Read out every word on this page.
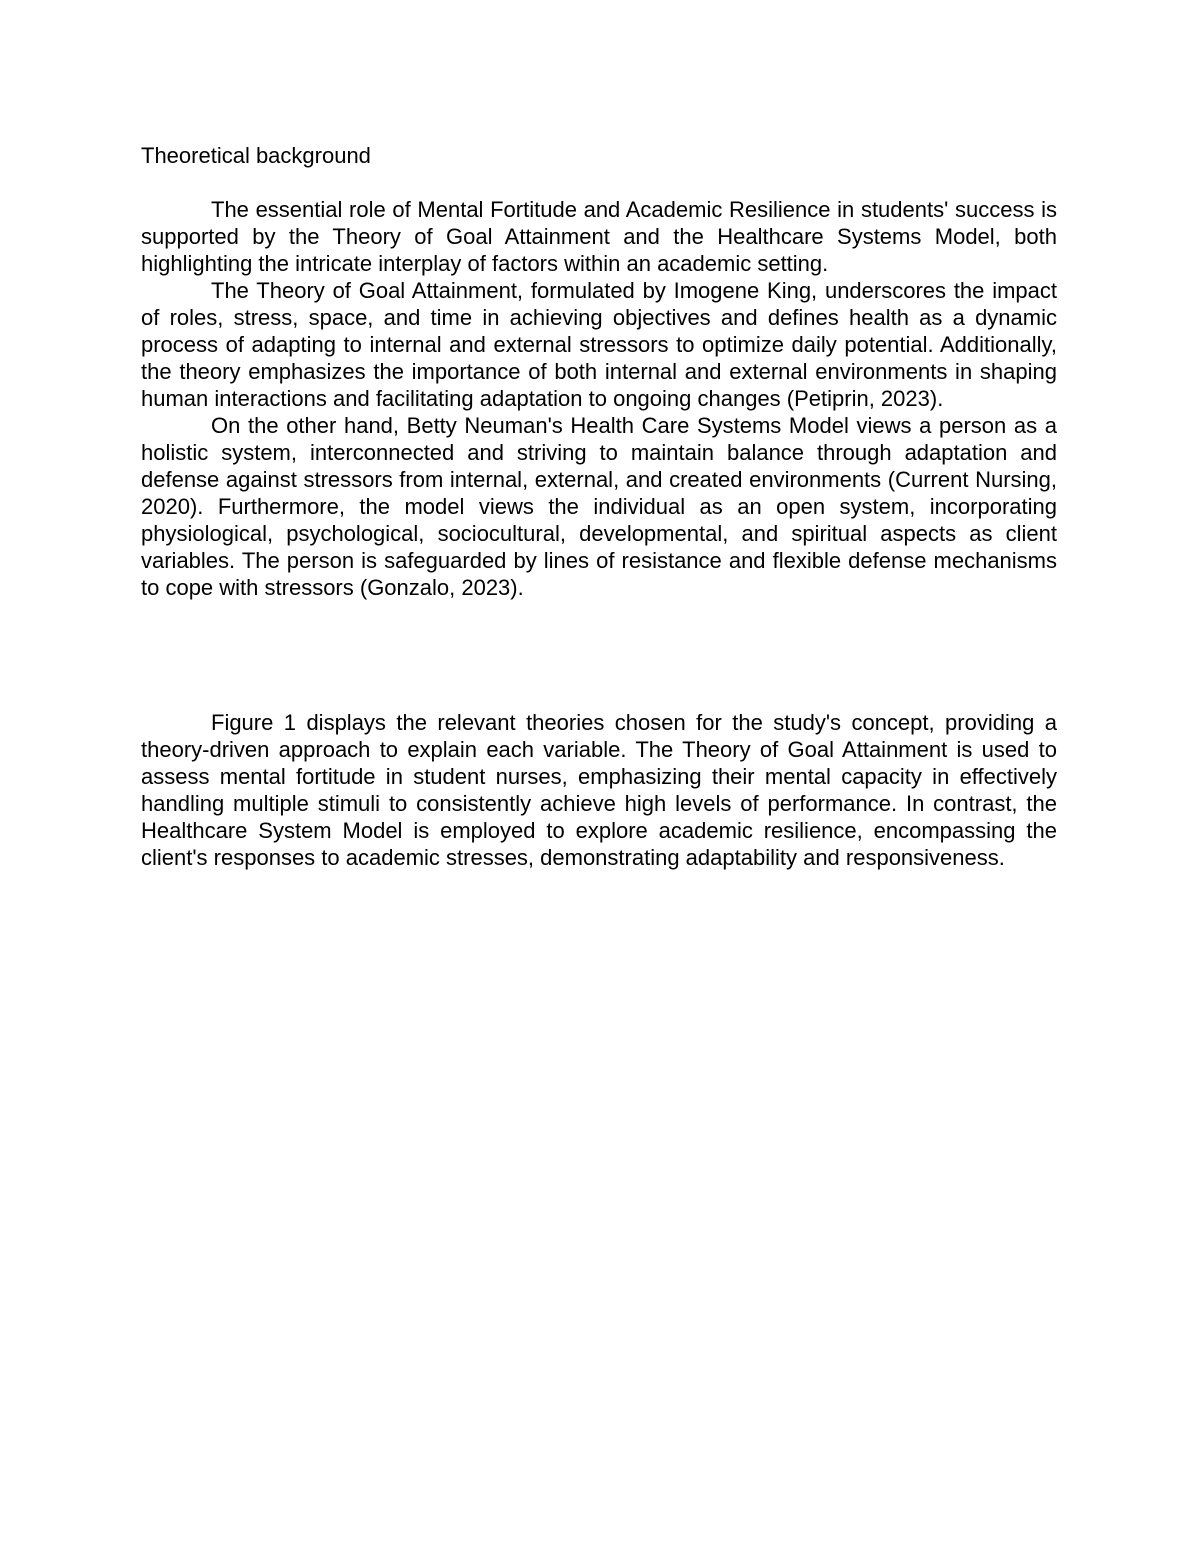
Theoretical background

The essential role of Mental Fortitude and Academic Resilience in students' success is supported by the Theory of Goal Attainment and the Healthcare Systems Model, both highlighting the intricate interplay of factors within an academic setting.

The Theory of Goal Attainment, formulated by Imogene King, underscores the impact of roles, stress, space, and time in achieving objectives and defines health as a dynamic process of adapting to internal and external stressors to optimize daily potential. Additionally, the theory emphasizes the importance of both internal and external environments in shaping human interactions and facilitating adaptation to ongoing changes (Petiprin, 2023).

On the other hand, Betty Neuman's Health Care Systems Model views a person as a holistic system, interconnected and striving to maintain balance through adaptation and defense against stressors from internal, external, and created environments (Current Nursing, 2020). Furthermore, the model views the individual as an open system, incorporating physiological, psychological, sociocultural, developmental, and spiritual aspects as client variables. The person is safeguarded by lines of resistance and flexible defense mechanisms to cope with stressors (Gonzalo, 2023).

Figure 1 displays the relevant theories chosen for the study's concept, providing a theory-driven approach to explain each variable. The Theory of Goal Attainment is used to assess mental fortitude in student nurses, emphasizing their mental capacity in effectively handling multiple stimuli to consistently achieve high levels of performance. In contrast, the Healthcare System Model is employed to explore academic resilience, encompassing the client's responses to academic stresses, demonstrating adaptability and responsiveness.
